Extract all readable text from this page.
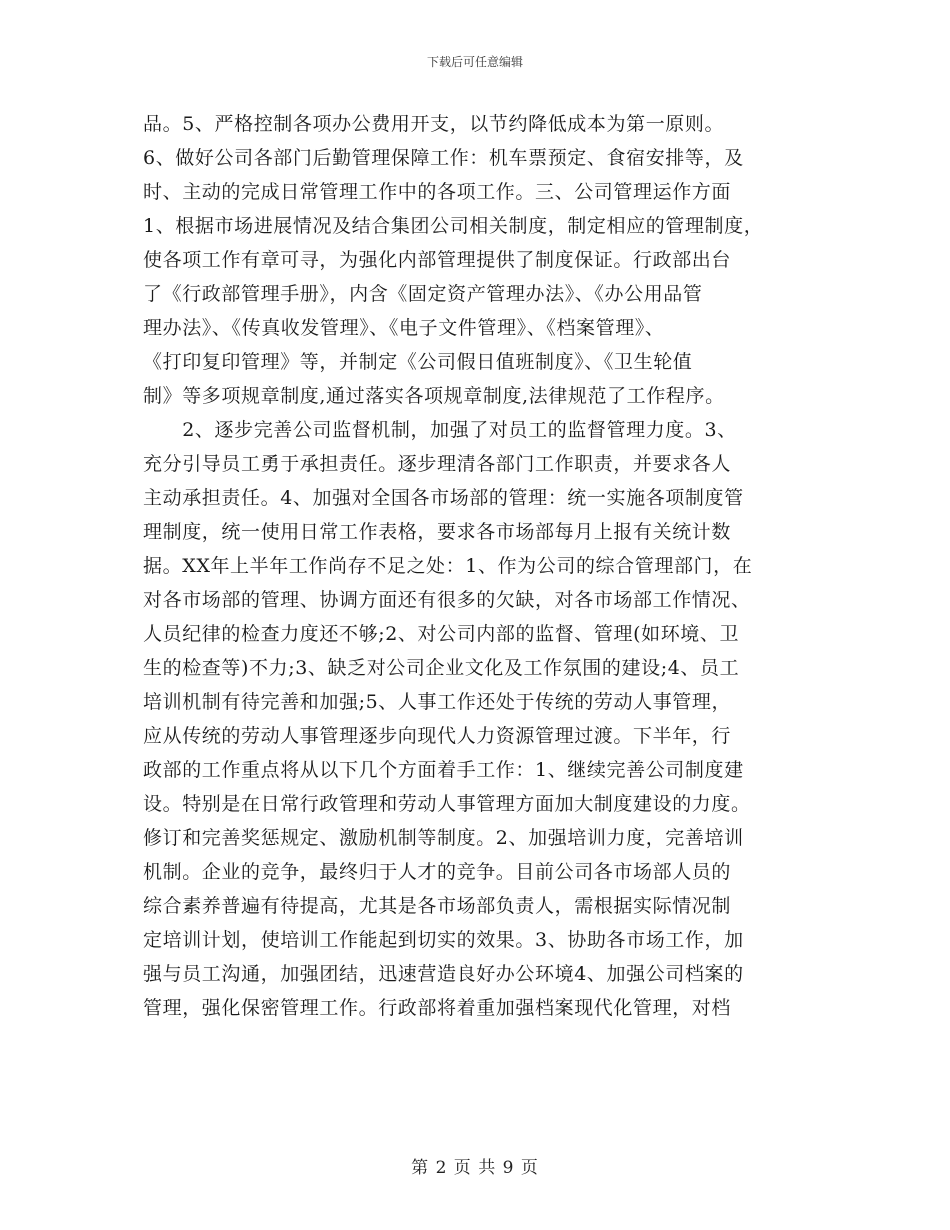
下载后可任意编辑
品。5、严格控制各项办公费用开支，以节约降低成本为第一原则。
6、做好公司各部门后勤管理保障工作：机车票预定、食宿安排等，及
时、主动的完成日常管理工作中的各项工作。三、公司管理运作方面
1、根据市场进展情况及结合集团公司相关制度，制定相应的管理制度，
使各项工作有章可寻，为强化内部管理提供了制度保证。行政部出台
了《行政部管理手册》，内含《固定资产管理办法》、《办公用品管
理办法》、《传真收发管理》、《电子文件管理》、《档案管理》、
《打印复印管理》等，并制定《公司假日值班制度》、《卫生轮值
制》等多项规章制度,通过落实各项规章制度,法律规范了工作程序。
　　2、逐步完善公司监督机制，加强了对员工的监督管理力度。3、
充分引导员工勇于承担责任。逐步理清各部门工作职责，并要求各人
主动承担责任。4、加强对全国各市场部的管理：统一实施各项制度管
理制度，统一使用日常工作表格，要求各市场部每月上报有关统计数
据。XX年上半年工作尚存不足之处：1、作为公司的综合管理部门，在
对各市场部的管理、协调方面还有很多的欠缺，对各市场部工作情况、
人员纪律的检查力度还不够;2、对公司内部的监督、管理(如环境、卫
生的检查等)不力;3、缺乏对公司企业文化及工作氛围的建设;4、员工
培训机制有待完善和加强;5、人事工作还处于传统的劳动人事管理，
应从传统的劳动人事管理逐步向现代人力资源管理过渡。下半年，行
政部的工作重点将从以下几个方面着手工作：1、继续完善公司制度建
设。特别是在日常行政管理和劳动人事管理方面加大制度建设的力度。
修订和完善奖惩规定、激励机制等制度。2、加强培训力度，完善培训
机制。企业的竞争，最终归于人才的竞争。目前公司各市场部人员的
综合素养普遍有待提高，尤其是各市场部负责人，需根据实际情况制
定培训计划，使培训工作能起到切实的效果。3、协助各市场工作，加
强与员工沟通，加强团结，迅速营造良好办公环境4、加强公司档案的
管理，强化保密管理工作。行政部将着重加强档案现代化管理，对档
第 2 页 共 9 页
